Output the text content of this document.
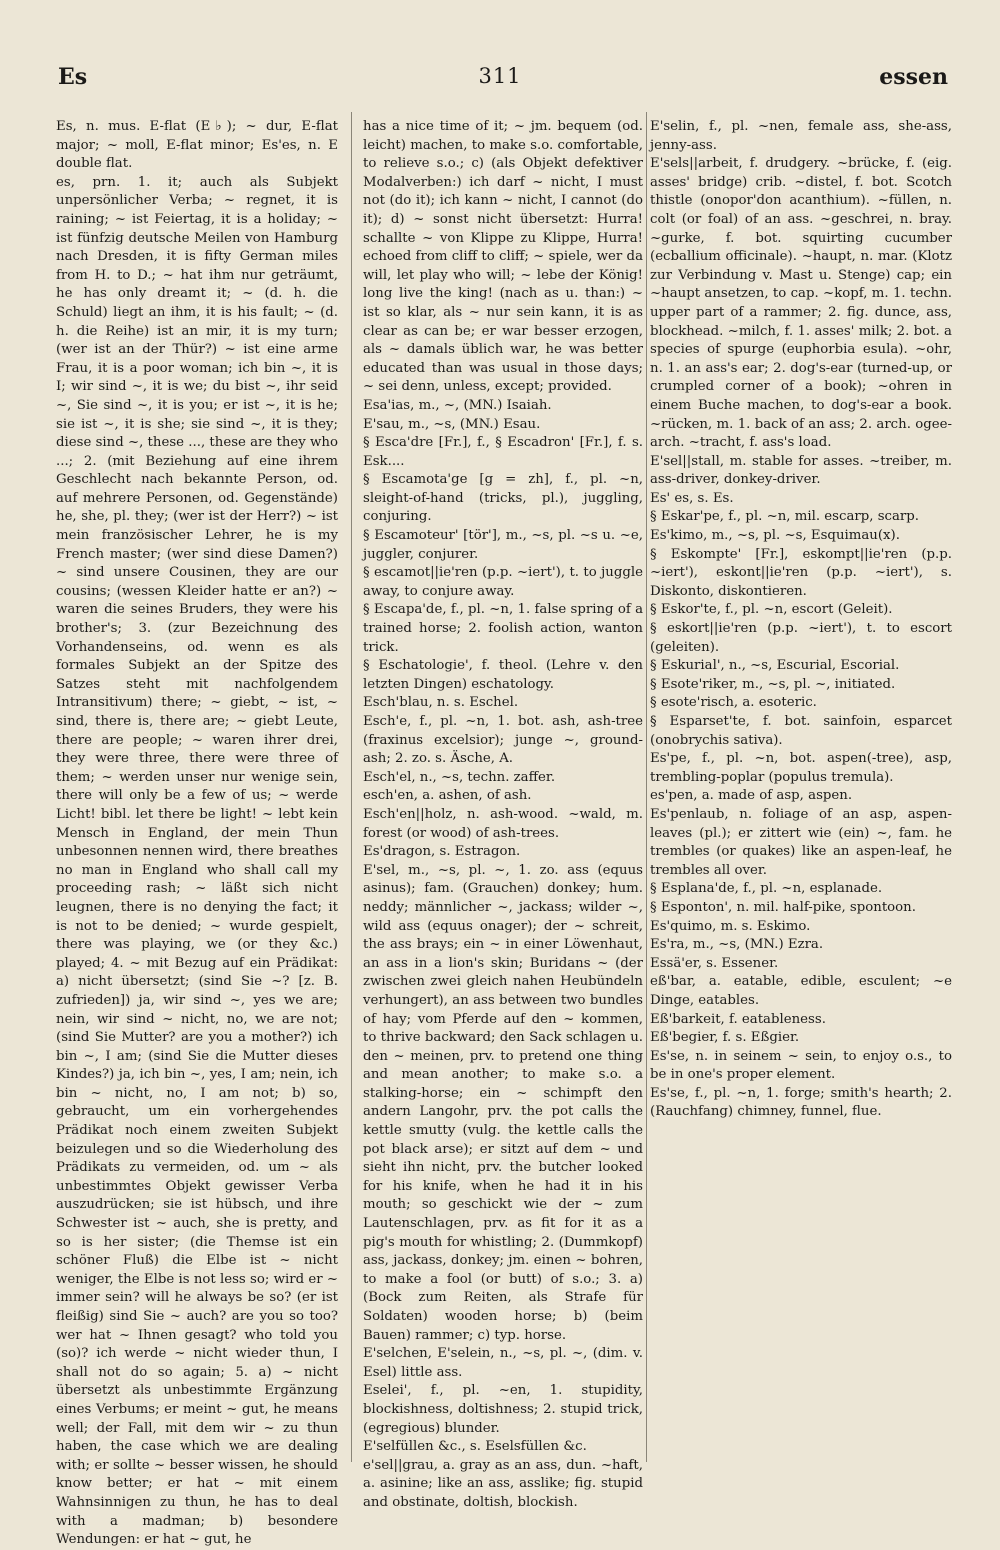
Es	311	essen
Es, n. mus. E-flat (E♭); ~ dur, E-flat major; ~ moll, E-flat minor; Es'es, n. E double flat.
es, prn. 1. it; auch als Subjekt unpersönlicher Verba; ~ regnet, it is raining; ~ ist Feiertag, it is a holiday; ~ ist fünfzig deutsche Meilen von Hamburg nach Dresden, it is fifty German miles from H. to D.; ~ hat ihm nur geträumt, he has only dreamt it; ~ (d. h. die Schuld) liegt an ihm, it is his fault; ~ (d. h. die Reihe) ist an mir, it is my turn; (wer ist an der Thür?) ~ ist eine arme Frau, it is a poor woman; ich bin ~, it is I; wir sind ~, it is we; du bist ~, ihr seid ~, Sie sind ~, it is you; er ist ~, it is he; sie ist ~, it is she; sie sind ~, it is they; diese sind ~, these ..., these are they who ...; 2. (mit Beziehung auf eine ihrem Geschlecht nach bekannte Person, od. auf mehrere Personen, od. Gegenstände) he, she, pl. they; (wer ist der Herr?) ~ ist mein französischer Lehrer, he is my French master; (wer sind diese Damen?) ~ sind unsere Cousinen, they are our cousins; (wessen Kleider hatte er an?) ~ waren die seines Bruders, they were his brother's; 3. (zur Bezeichnung des Vorhandenseins, od. wenn es als formales Subjekt an der Spitze des Satzes steht mit nachfolgendem Intransitivum) there; ~ giebt, ~ ist, ~ sind, there is, there are; ~ giebt Leute, there are people; ~ waren ihrer drei, they were three, there were three of them; ~ werden unser nur wenige sein, there will only be a few of us; ~ werde Licht! bibl. let there be light! ~ lebt kein Mensch in England, der mein Thun unbesonnen nennen wird, there breathes no man in England who shall call my proceeding rash; ~ läßt sich nicht leugnen, there is no denying the fact; it is not to be denied; ~ wurde gespielt, there was playing, we (or they &c.) played; 4. ~ mit Bezug auf ein Prädikat: a) nicht übersetzt; (sind Sie ~? [z. B. zufrieden]) ja, wir sind ~, yes we are; nein, wir sind ~ nicht, no, we are not; (sind Sie Mutter? are you a mother?) ich bin ~, I am; (sind Sie die Mutter dieses Kindes?) ja, ich bin ~, yes, I am; nein, ich bin ~ nicht, no, I am not; b) so, gebraucht, um ein vorhergehendes Prädikat noch einem zweiten Subjekt beizulegen und so die Wiederholung des Prädikats zu vermeiden, od. um ~ als unbestimmtes Objekt gewisser Verba auszudrücken; sie ist hübsch, und ihre Schwester ist ~ auch, she is pretty, and so is her sister; (die Themse ist ein schöner Fluß) die Elbe ist ~ nicht weniger, the Elbe is not less so; wird er ~ immer sein? will he always be so? (er ist fleißig) sind Sie ~ auch? are you so too? wer hat ~ Ihnen gesagt? who told you (so)? ich werde ~ nicht wieder thun, I shall not do so again; 5. a) ~ nicht übersetzt als unbestimmte Ergänzung eines Verbums; er meint ~ gut, he means well; der Fall, mit dem wir ~ zu thun haben, the case which we are dealing with; er sollte ~ besser wissen, he should know better; er hat ~ mit einem Wahnsinnigen zu thun, he has to deal with a madman; b) besondere Wendungen: er hat ~ gut, he
has a nice time of it; ~ jm. bequem (od. leicht) machen, to make s.o. comfortable, to relieve s.o.; c) (als Objekt defektiver Modalverben:) ich darf ~ nicht, I must not (do it); ich kann ~ nicht, I cannot (do it); d) ~ sonst nicht übersetzt: Hurra! schallte ~ von Klippe zu Klippe, Hurra! echoed from cliff to cliff; ~ spiele, wer da will, let play who will; ~ lebe der König! long live the king! (nach as u. than:) ~ ist so klar, als ~ nur sein kann, it is as clear as can be; er war besser erzogen, als ~ damals üblich war, he was better educated than was usual in those days; ~ sei denn, unless, except; provided.
Esa'ias, m., ~, (MN.) Isaiah.
E'sau, m., ~s, (MN.) Esau.
§ Esca'dre [Fr.], f., § Escadron' [Fr.], f. s. Esk....
§ Escamota'ge [g = zh], f., pl. ~n, sleight-of-hand (tricks, pl.), juggling, conjuring.
§ Escamoteur' [tör'], m., ~s, pl. ~s u. ~e, juggler, conjurer.
§ escamot||ie'ren (p.p. ~iert'), t. to juggle away, to conjure away.
§ Escapa'de, f., pl. ~n, 1. false spring of a trained horse; 2. foolish action, wanton trick.
§ Eschatologie', f. theol. (Lehre v. den letzten Dingen) eschatology.
Esch'blau, n. s. Eschel.
Esch'e, f., pl. ~n, 1. bot. ash, ash-tree (fraxinus excelsior); junge ~, ground-ash; 2. zo. s. Äsche, A.
Esch'el, n., ~s, techn. zaffer.
esch'en, a. ashen, of ash.
Esch'en||holz, n. ash-wood. ~wald, m. forest (or wood) of ash-trees.
Es'dragon, s. Estragon.
E'sel, m., ~s, pl. ~, 1. zo. ass (equus asinus); fam. (Grauchen) donkey; hum. neddy; männlicher ~, jackass; wilder ~, wild ass (equus onager); der ~ schreit, the ass brays; ein ~ in einer Löwenhaut, an ass in a lion's skin; Buridans ~ (der zwischen zwei gleich nahen Heubündeln verhungert), an ass between two bundles of hay; vom Pferde auf den ~ kommen, to thrive backward; den Sack schlagen u. den ~ meinen, prv. to pretend one thing and mean another; to make s.o. a stalking-horse; ein ~ schimpft den andern Langohr, prv. the pot calls the kettle smutty (vulg. the kettle calls the pot black arse); er sitzt auf dem ~ und sieht ihn nicht, prv. the butcher looked for his knife, when he had it in his mouth; so geschickt wie der ~ zum Lautenschlagen, prv. as fit for it as a pig's mouth for whistling; 2. (Dummkopf) ass, jackass, donkey; jm. einen ~ bohren, to make a fool (or butt) of s.o.; 3. a) (Bock zum Reiten, als Strafe für Soldaten) wooden horse; b) (beim Bauen) rammer; c) typ. horse.
E'selchen, E'selein, n., ~s, pl. ~, (dim. v. Esel) little ass.
Eselei', f., pl. ~en, 1. stupidity, blockishness, doltishness; 2. stupid trick, (egregious) blunder.
E'selfüllen &c., s. Eselsfüllen &c.
e'sel||grau, a. gray as an ass, dun. ~haft, a. asinine; like an ass, asslike; fig. stupid and obstinate, doltish, blockish.
E'selin, f., pl. ~nen, female ass, she-ass, jenny-ass.
E'sels||arbeit, f. drudgery. ~brücke, f. (eig. asses' bridge) crib. ~distel, f. bot. Scotch thistle (onopor'don acanthium). ~füllen, n. colt (or foal) of an ass. ~geschrei, n. bray. ~gurke, f. bot. squirting cucumber (ecballium officinale). ~haupt, n. mar. (Klotz zur Verbindung v. Mast u. Stenge) cap; ein ~haupt ansetzen, to cap. ~kopf, m. 1. techn. upper part of a rammer; 2. fig. dunce, ass, blockhead. ~milch, f. 1. asses' milk; 2. bot. a species of spurge (euphorbia esula). ~ohr, n. 1. an ass's ear; 2. dog's-ear (turned-up, or crumpled corner of a book); ~ohren in einem Buche machen, to dog's-ear a book. ~rücken, m. 1. back of an ass; 2. arch. ogee-arch. ~tracht, f. ass's load.
E'sel||stall, m. stable for asses. ~treiber, m. ass-driver, donkey-driver.
Es' es, s. Es.
§ Eskar'pe, f., pl. ~n, mil. escarp, scarp.
Es'kimo, m., ~s, pl. ~s, Esquimau(x).
§ Eskompte' [Fr.], eskompt||ie'ren (p.p. ~iert'), eskont||ie'ren (p.p. ~iert'), s. Diskonto, diskontieren.
§ Eskor'te, f., pl. ~n, escort (Geleit).
§ eskort||ie'ren (p.p. ~iert'), t. to escort (geleiten).
§ Eskurial', n., ~s, Escurial, Escorial.
§ Esote'riker, m., ~s, pl. ~, initiated.
§ esote'risch, a. esoteric.
§ Esparset'te, f. bot. sainfoin, esparcet (onobrychis sativa).
Es'pe, f., pl. ~n, bot. aspen(-tree), asp, trembling-poplar (populus tremula).
es'pen, a. made of asp, aspen.
Es'penlaub, n. foliage of an asp, aspen-leaves (pl.); er zittert wie (ein) ~, fam. he trembles (or quakes) like an aspen-leaf, he trembles all over.
§ Esplana'de, f., pl. ~n, esplanade.
§ Esponton', n. mil. half-pike, spontoon.
Es'quimo, m. s. Eskimo.
Es'ra, m., ~s, (MN.) Ezra.
Essä'er, s. Essener.
eß'bar, a. eatable, edible, esculent; ~e Dinge, eatables.
Eß'barkeit, f. eatableness.
Eß'begier, f. s. Eßgier.
Es'se, n. in seinem ~ sein, to enjoy o.s., to be in one's proper element.
Es'se, f., pl. ~n, 1. forge; smith's hearth; 2. (Rauchfang) chimney, funnel, flue.
